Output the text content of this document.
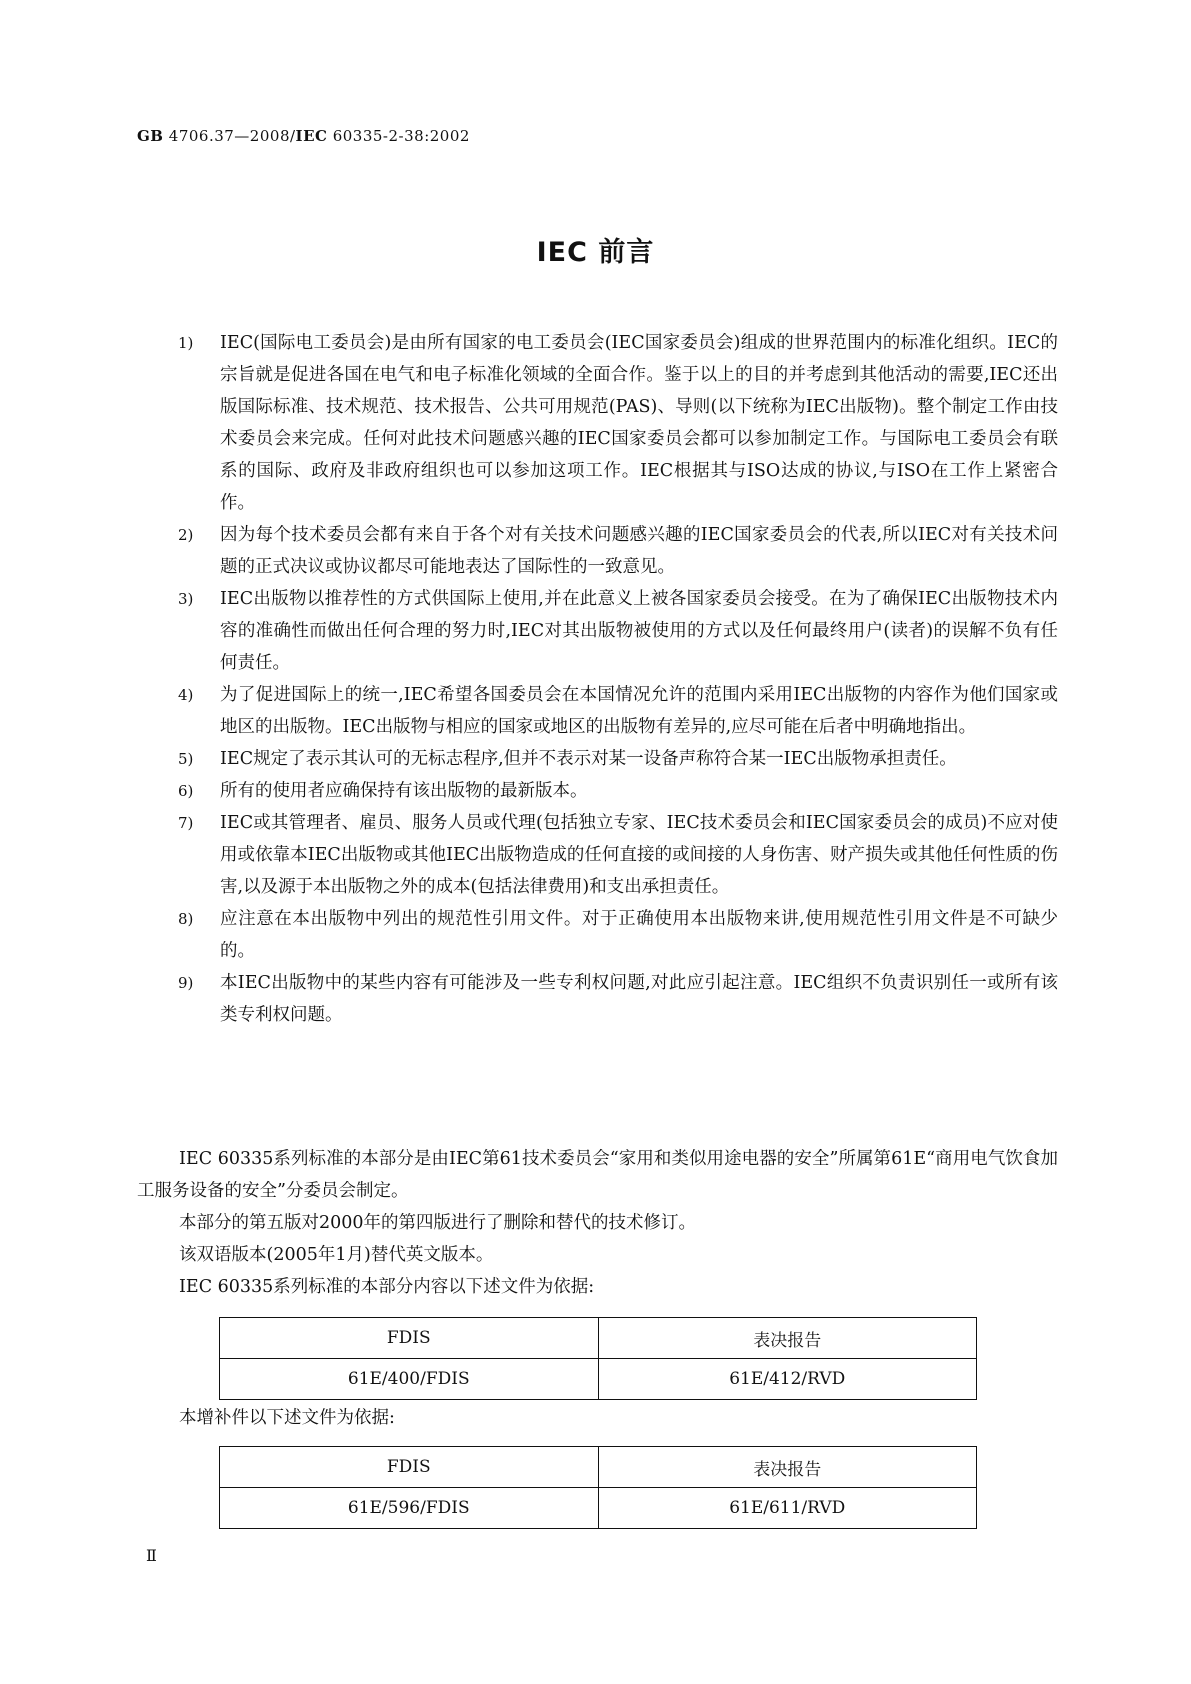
GB 4706.37—2008/IEC 60335-2-38:2002
IEC 前言
1)	IEC(国际电工委员会)是由所有国家的电工委员会(IEC国家委员会)组成的世界范围内的标准化组织。IEC的宗旨就是促进各国在电气和电子标准化领域的全面合作。鉴于以上的目的并考虑到其他活动的需要,IEC还出版国际标准、技术规范、技术报告、公共可用规范(PAS)、导则(以下统称为IEC出版物)。整个制定工作由技术委员会来完成。任何对此技术问题感兴趣的IEC国家委员会都可以参加制定工作。与国际电工委员会有联系的国际、政府及非政府组织也可以参加这项工作。IEC根据其与ISO达成的协议,与ISO在工作上紧密合作。
2)	因为每个技术委员会都有来自于各个对有关技术问题感兴趣的IEC国家委员会的代表,所以IEC对有关技术问题的正式决议或协议都尽可能地表达了国际性的一致意见。
3)	IEC出版物以推荐性的方式供国际上使用,并在此意义上被各国家委员会接受。在为了确保IEC出版物技术内容的准确性而做出任何合理的努力时,IEC对其出版物被使用的方式以及任何最终用户(读者)的误解不负有任何责任。
4)	为了促进国际上的统一,IEC希望各国委员会在本国情况允许的范围内采用IEC出版物的内容作为他们国家或地区的出版物。IEC出版物与相应的国家或地区的出版物有差异的,应尽可能在后者中明确地指出。
5)	IEC规定了表示其认可的无标志程序,但并不表示对某一设备声称符合某一IEC出版物承担责任。
6)	所有的使用者应确保持有该出版物的最新版本。
7)	IEC或其管理者、雇员、服务人员或代理(包括独立专家、IEC技术委员会和IEC国家委员会的成员)不应对使用或依靠本IEC出版物或其他IEC出版物造成的任何直接的或间接的人身伤害、财产损失或其他任何性质的伤害,以及源于本出版物之外的成本(包括法律费用)和支出承担责任。
8)	应注意在本出版物中列出的规范性引用文件。对于正确使用本出版物来讲,使用规范性引用文件是不可缺少的。
9)	本IEC出版物中的某些内容有可能涉及一些专利权问题,对此应引起注意。IEC组织不负责识别任一或所有该类专利权问题。

IEC 60335系列标准的本部分是由IEC第61技术委员会“家用和类似用途电器的安全”所属第61E“商用电气饮食加工服务设备的安全”分委员会制定。

本部分的第五版对2000年的第四版进行了删除和替代的技术修订。

该双语版本(2005年1月)替代英文版本。

IEC 60335系列标准的本部分内容以下述文件为依据:

FDIS	表决报告
61E/400/FDIS	61E/412/RVD
本增补件以下述文件为依据:
FDIS	表决报告
61E/596/FDIS	61E/611/RVD
Ⅱ
